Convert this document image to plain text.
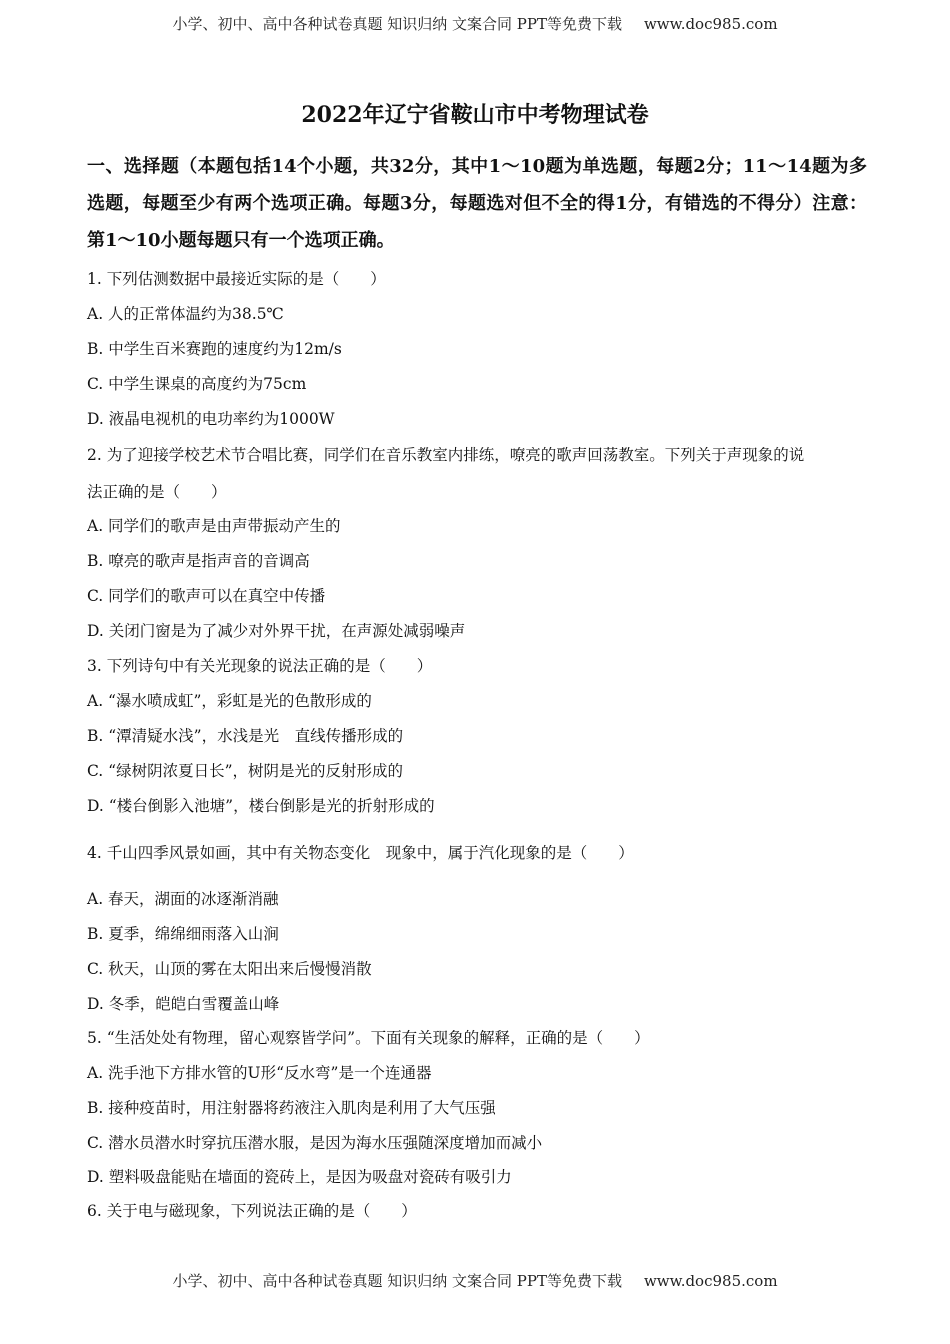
小学、初中、高中各种试卷真题 知识归纳 文案合同 PPT等免费下载 www.doc985.com
2022年辽宁省鞍山市中考物理试卷
一、选择题（本题包括14个小题，共32分，其中1～10题为单选题，每题2分；11～14题为多选题，每题至少有两个选项正确。每题3分，每题选对但不全的得1分，有错选的不得分）注意：第1～10小题每题只有一个选项正确。
1. 下列估测数据中最接近实际的是（　　）
A. 人的正常体温约为38.5℃
B. 中学生百米赛跑的速度约为12m/s
C. 中学生课桌的高度约为75cm
D. 液晶电视机的电功率约为1000W
2. 为了迎接学校艺术节合唱比赛，同学们在音乐教室内排练，嘹亮的歌声回荡教室。下列关于声现象的说
法正确的是（　　）
A. 同学们的歌声是由声带振动产生的
B. 嘹亮的歌声是指声音的音调高
C. 同学们的歌声可以在真空中传播
D. 关闭门窗是为了减少对外界干扰，在声源处减弱噪声
3. 下列诗句中有关光现象的说法正确的是（　　）
A. “瀑水喷成虹”，彩虹是光的色散形成的
B. “潭清疑水浅”，水浅是光　直线传播形成的
C. “绿树阴浓夏日长”，树阴是光的反射形成的
D. “楼台倒影入池塘”，楼台倒影是光的折射形成的
4. 千山四季风景如画，其中有关物态变化　现象中，属于汽化现象的是（　　）
A. 春天，湖面的冰逐渐消融
B. 夏季，绵绵细雨落入山涧
C. 秋天，山顶的雾在太阳出来后慢慢消散
D. 冬季，皑皑白雪覆盖山峰
5. “生活处处有物理，留心观察皆学问”。下面有关现象的解释，正确的是（　　）
A. 洗手池下方排水管的U形“反水弯”是一个连通器
B. 接种疫苗时，用注射器将药液注入肌肉是利用了大气压强
C. 潜水员潜水时穿抗压潜水服，是因为海水压强随深度增加而减小
D. 塑料吸盘能贴在墙面的瓷砖上，是因为吸盘对瓷砖有吸引力
6. 关于电与磁现象，下列说法正确的是（　　）
小学、初中、高中各种试卷真题 知识归纳 文案合同 PPT等免费下载 www.doc985.com
